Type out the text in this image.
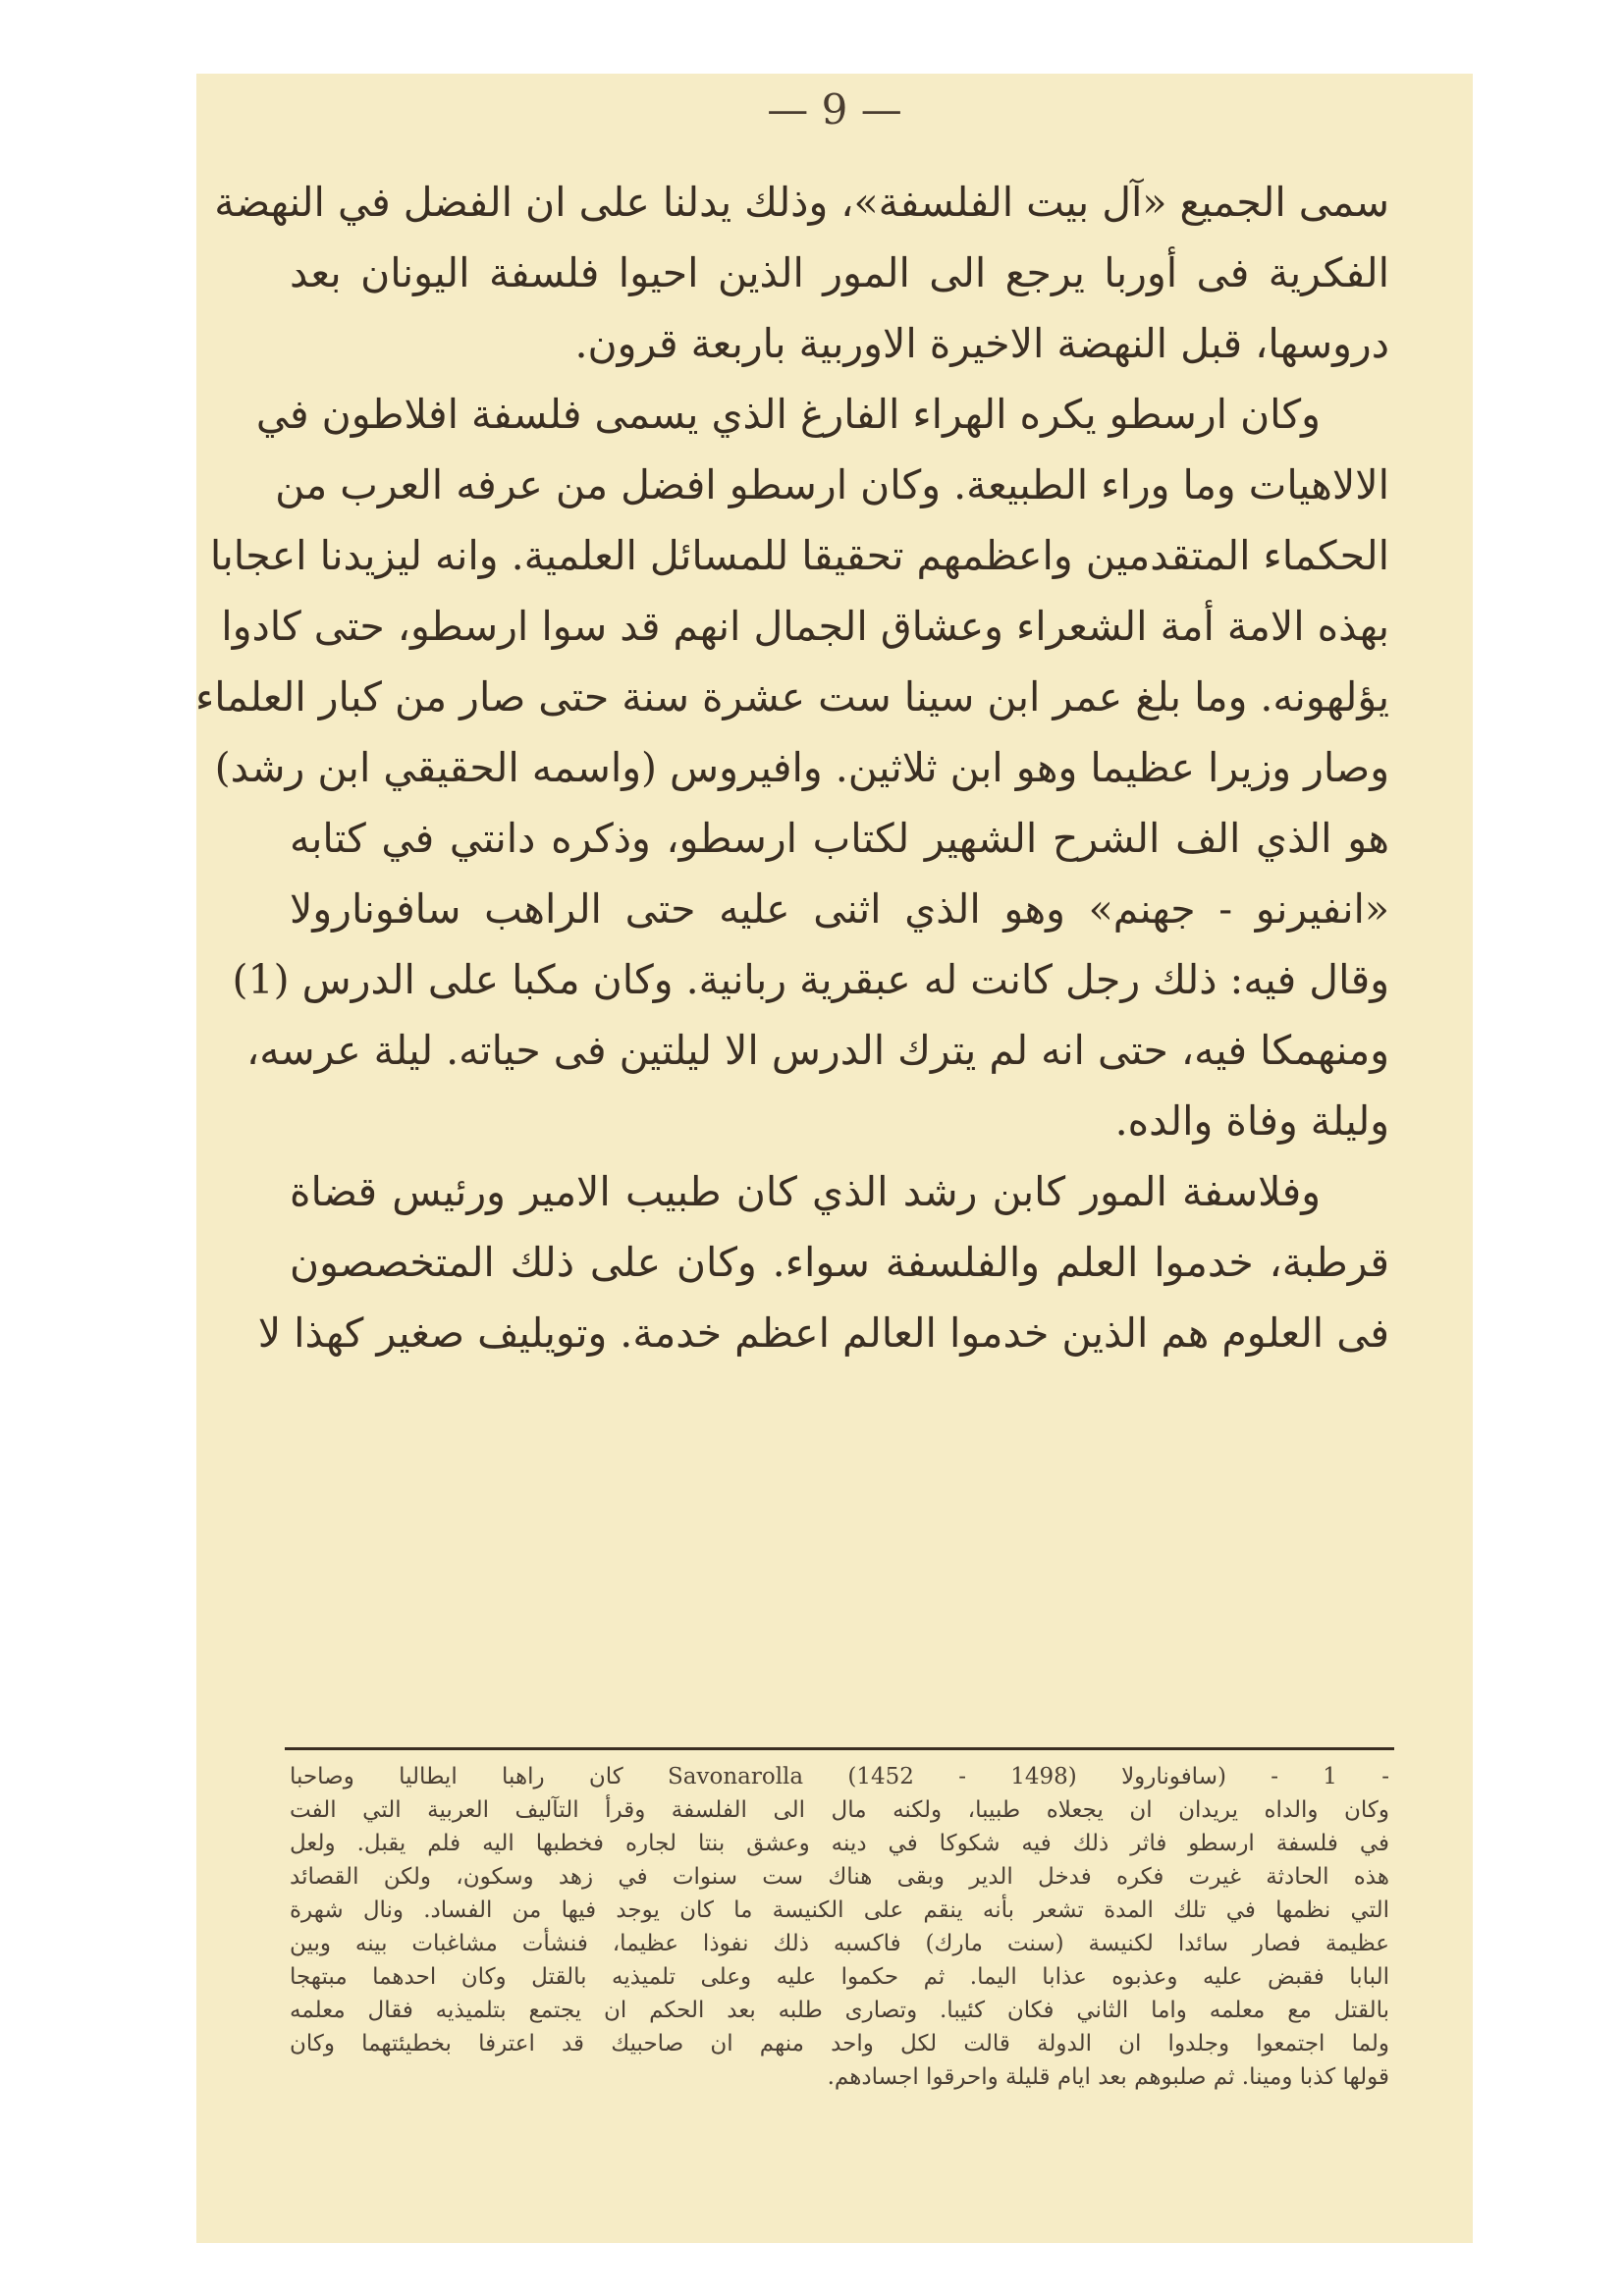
— 9 —
سمى الجميع «آل بيت الفلسفة»، وذلك يدلنا على ان الفضل في النهضة
الفكرية فى أوربا يرجع الى المور الذين احيوا فلسفة اليونان بعد
دروسها، قبل النهضة الاخيرة الاوربية باربعة قرون.
وكان ارسطو يكره الهراء الفارغ الذي يسمى فلسفة افلاطون في
الالاهيات وما وراء الطبيعة. وكان ارسطو افضل من عرفه العرب من
الحكماء المتقدمين واعظمهم تحقيقا للمسائل العلمية. وانه ليزيدنا اعجابا
بهذه الامة أمة الشعراء وعشاق الجمال انهم قد سوا ارسطو، حتى كادوا
يؤلهونه. وما بلغ عمر ابن سينا ست عشرة سنة حتى صار من كبار العلماء
وصار وزيرا عظيما وهو ابن ثلاثين. وافيروس (واسمه الحقيقي ابن رشد)
هو الذي الف الشرح الشهير لكتاب ارسطو، وذكره دانتي في كتابه
«انفيرنو - جهنم» وهو الذي اثنى عليه حتى الراهب سافونارولا
وقال فيه: ذلك رجل كانت له عبقرية ربانية. وكان مكبا على الدرس (1)
ومنهمكا فيه، حتى انه لم يترك الدرس الا ليلتين فى حياته. ليلة عرسه،
وليلة وفاة والده.
وفلاسفة المور كابن رشد الذي كان طبيب الامير ورئيس قضاة
قرطبة، خدموا العلم والفلسفة سواء. وكان على ذلك المتخصصون
فى العلوم هم الذين خدموا العالم اعظم خدمة. وتويليف صغير كهذا لا
- 1 - (سافونارولا Savonarolla (1452 - 1498) كان راهبا ايطاليا وصاحبا
وكان والداه يريدان ان يجعلاه طبيبا، ولكنه مال الى الفلسفة وقرأ التآليف العربية التي الفت
في فلسفة ارسطو فاثر ذلك فيه شكوكا في دينه وعشق بنتا لجاره فخطبها اليه فلم يقبل. ولعل
هذه الحادثة غيرت فكره فدخل الدير وبقى هناك ست سنوات في زهد وسكون، ولكن القصائد
التي نظمها في تلك المدة تشعر بأنه ينقم على الكنيسة ما كان يوجد فيها من الفساد. ونال شهرة
عظيمة فصار سائدا لكنيسة (سنت مارك) فاكسبه ذلك نفوذا عظيما، فنشأت مشاغبات بينه وبين
البابا فقبض عليه وعذبوه عذابا اليما. ثم حكموا عليه وعلى تلميذيه بالقتل وكان احدهما مبتهجا
بالقتل مع معلمه واما الثاني فكان كئيبا. وتصارى طلبه بعد الحكم ان يجتمع بتلميذيه فقال معلمه
ولما اجتمعوا وجلدوا ان الدولة قالت لكل واحد منهم ان صاحبيك قد اعترفا بخطيئتهما وكان
قولها كذبا ومينا. ثم صلبوهم بعد ايام قليلة واحرقوا اجسادهم.
